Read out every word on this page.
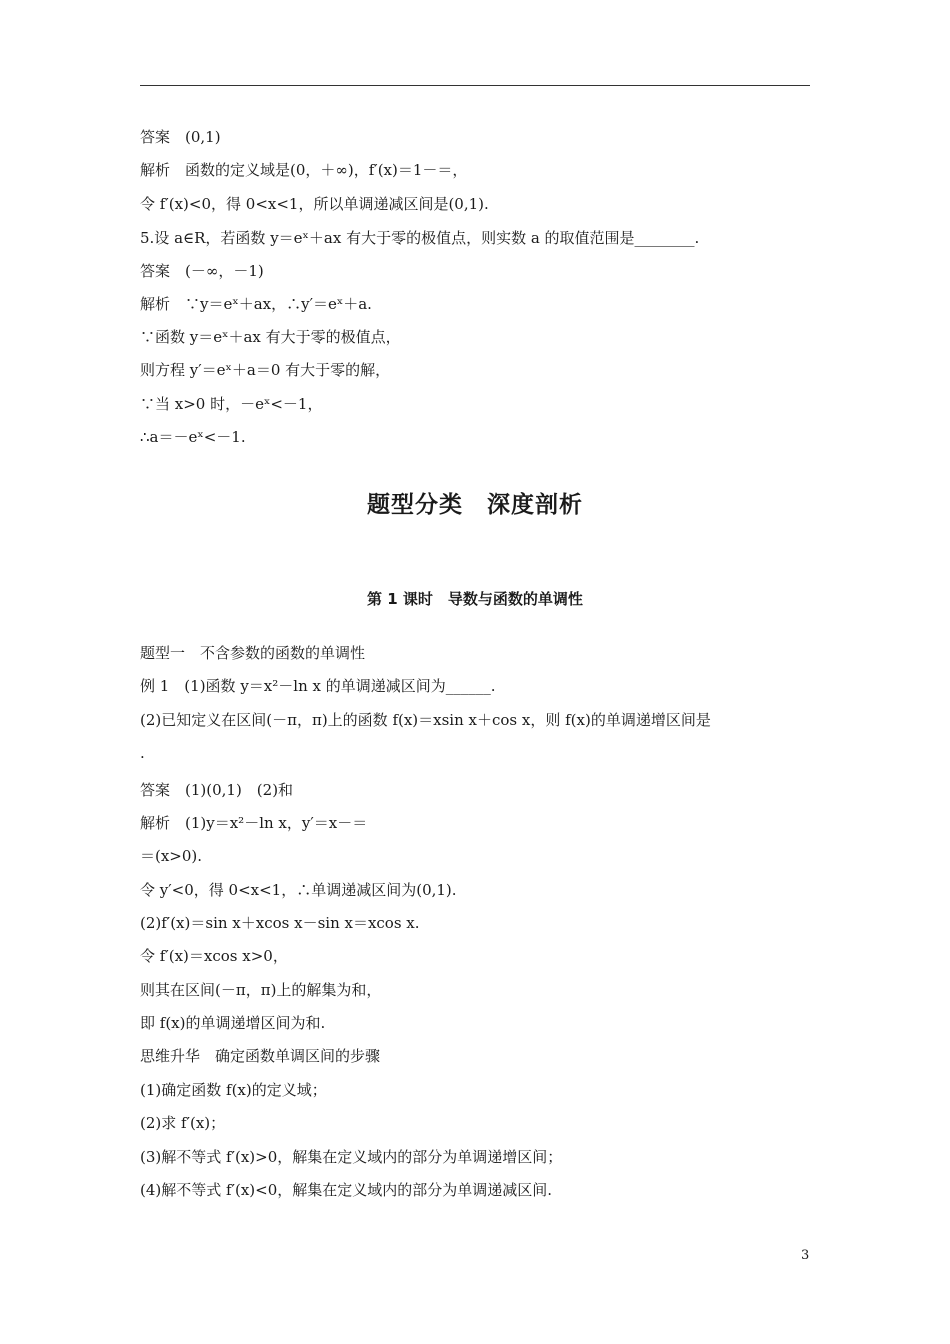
答案　(0,1)
解析　函数的定义域是(0，＋∞)，f′(x)＝1－＝，
令 f′(x)<0，得 0<x<1，所以单调递减区间是(0,1).
5.设 a∈R，若函数 y＝eˣ＋ax 有大于零的极值点，则实数 a 的取值范围是________.
答案　(－∞，－1)
解析　∵y＝eˣ＋ax，∴y′＝eˣ＋a.
∵函数 y＝eˣ＋ax 有大于零的极值点，
则方程 y′＝eˣ＋a＝0 有大于零的解，
∵当 x>0 时，－eˣ<－1，
∴a＝－eˣ<－1.
题型分类　深度剖析
第 1 课时　导数与函数的单调性
题型一　不含参数的函数的单调性
例 1　(1)函数 y＝x²－ln x 的单调递减区间为______.
(2)已知定义在区间(－π，π)上的函数 f(x)＝xsin x＋cos x，则 f(x)的单调递增区间是
.
答案　(1)(0,1)　(2)和
解析　(1)y＝x²－ln x，y′＝x－＝
＝(x>0).
令 y′<0，得 0<x<1，∴单调递减区间为(0,1).
(2)f′(x)＝sin x＋xcos x－sin x＝xcos x.
令 f′(x)＝xcos x>0，
则其在区间(－π，π)上的解集为和，
即 f(x)的单调递增区间为和.
思维升华　确定函数单调区间的步骤
(1)确定函数 f(x)的定义域；
(2)求 f′(x)；
(3)解不等式 f′(x)>0，解集在定义域内的部分为单调递增区间；
(4)解不等式 f′(x)<0，解集在定义域内的部分为单调递减区间.
3
